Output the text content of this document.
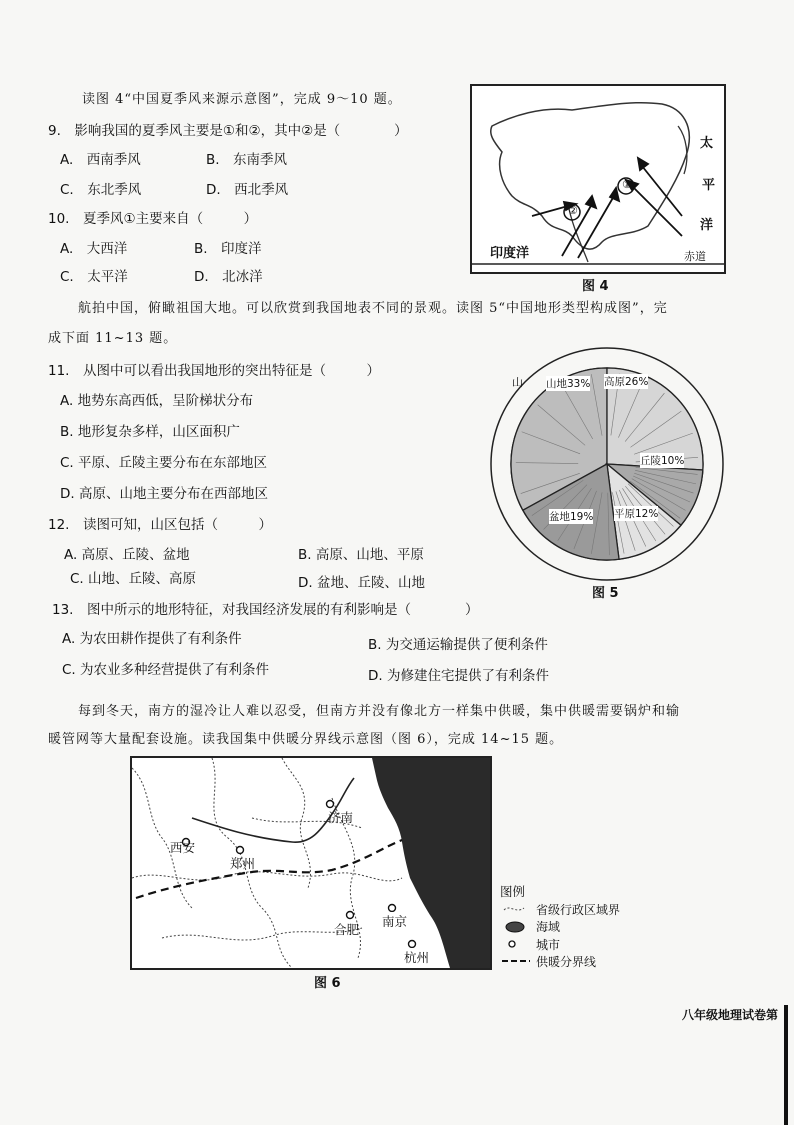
读图 4“中国夏季风来源示意图”，完成 9～10 题。
9.　影响我国的夏季风主要是①和②，其中②是（　　　　）
A.　西南季风	B.　东南季风
C.　东北季风	D.　西北季风
10.　夏季风①主要来自（　　　）
A.　大西洋	B.　印度洋
C.　太平洋	D.　北冰洋
①
②
太
平
洋
印度洋	赤道
图 4
航拍中国，俯瞰祖国大地。可以欣赏到我国地表不同的景观。读图 5“中国地形类型构成图”，完
成下面 11~13 题。
11.　从图中可以看出我国地形的突出特征是（　　　）
A. 地势东高西低，呈阶梯状分布
B. 地形复杂多样，山区面积广
C. 平原、丘陵主要分布在东部地区
D. 高原、山地主要分布在西部地区
12.　读图可知，山区包括（　　　）
A. 高原、丘陵、盆地	B. 高原、山地、平原
C. 山地、丘陵、高原	D. 盆地、丘陵、山地
13.　图中所示的地形特征，对我国经济发展的有利影响是（　　　　）
A. 为农田耕作提供了有利条件	B. 为交通运输提供了便利条件
C. 为农业多种经营提供了有利条件	D. 为修建住宅提供了有利条件
山 山地33% 高原26%
丘陵10%
平原12%
盆地19%
图 5
每到冬天，南方的湿冷让人难以忍受，但南方并没有像北方一样集中供暖，集中供暖需要锅炉和输
暖管网等大量配套设施。读我国集中供暖分界线示意图（图 6），完成 14~15 题。
济南
西安
郑州
合肥
南京
杭州
图 6
图例
省级行政区域界
海域
城市
供暖分界线
八年级地理试卷第
